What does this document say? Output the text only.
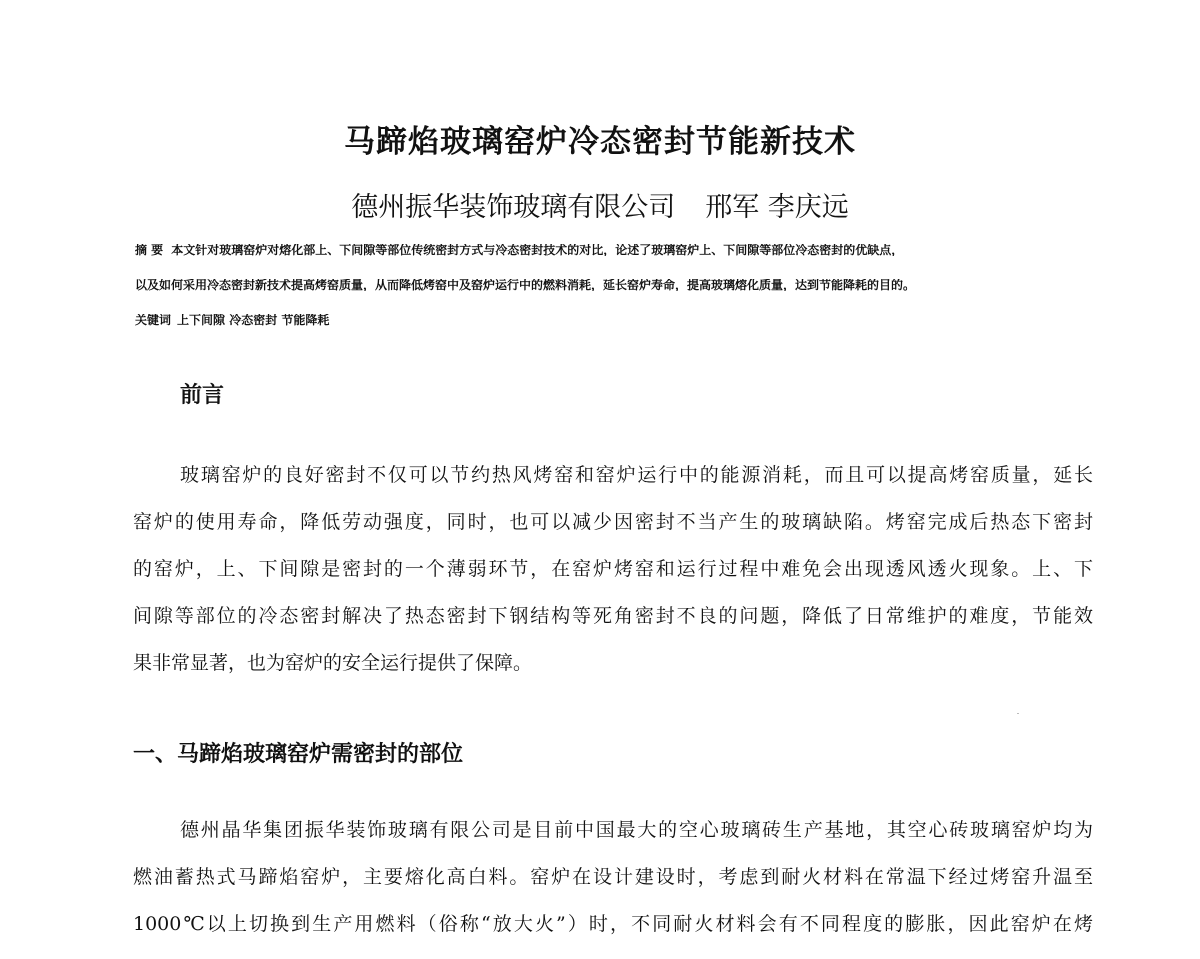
马蹄焰玻璃窑炉冷态密封节能新技术
德州振华装饰玻璃有限公司 邢军 李庆远
摘 要 本文针对玻璃窑炉对熔化部上、下间隙等部位传统密封方式与冷态密封技术的对比，论述了玻璃窑炉上、下间隙等部位冷态密封的优缺点，
以及如何采用冷态密封新技术提高烤窑质量，从而降低烤窑中及窑炉运行中的燃料消耗，延长窑炉寿命，提高玻璃熔化质量，达到节能降耗的目的。
关键词 上下间隙 冷态密封 节能降耗
前言
玻璃窑炉的良好密封不仅可以节约热风烤窑和窑炉运行中的能源消耗，而且可以提高烤窑质量，延长
窑炉的使用寿命，降低劳动强度，同时，也可以减少因密封不当产生的玻璃缺陷。烤窑完成后热态下密封
的窑炉，上、下间隙是密封的一个薄弱环节，在窑炉烤窑和运行过程中难免会出现透风透火现象。上、下
间隙等部位的冷态密封解决了热态密封下钢结构等死角密封不良的问题，降低了日常维护的难度，节能效
果非常显著，也为窑炉的安全运行提供了保障。
一、马蹄焰玻璃窑炉需密封的部位
德州晶华集团振华装饰玻璃有限公司是目前中国最大的空心玻璃砖生产基地，其空心砖玻璃窑炉均为
燃油蓄热式马蹄焰窑炉，主要熔化高白料。窑炉在设计建设时，考虑到耐火材料在常温下经过烤窑升温至
1000℃以上切换到生产用燃料（俗称“放大火”）时，不同耐火材料会有不同程度的膨胀，因此窑炉在烤
